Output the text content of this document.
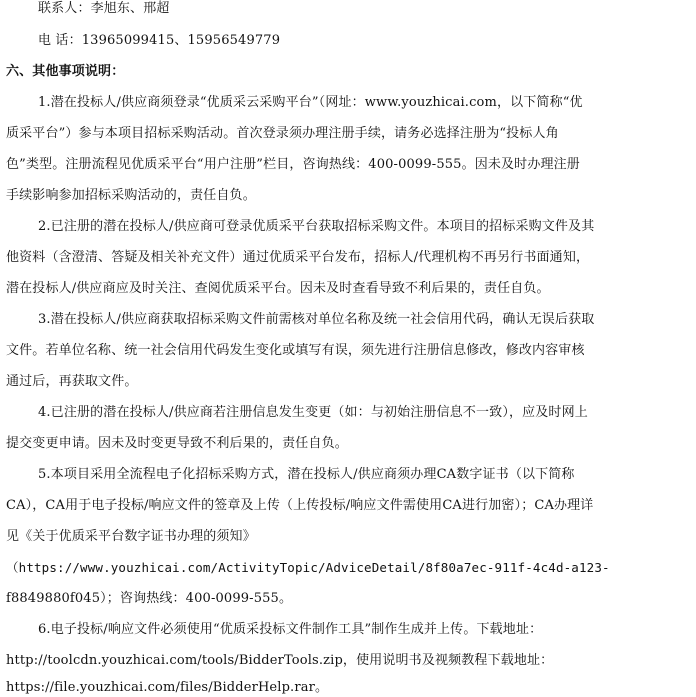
联系人：李旭东、邢超
电 话：13965099415、15956549779
六、其他事项说明：
1.潜在投标人/供应商须登录“优质采云采购平台”（网址：www.youzhicai.com，以下简称“优
质采平台”）参与本项目招标采购活动。首次登录须办理注册手续，请务必选择注册为“投标人角
色”类型。注册流程见优质采平台“用户注册”栏目，咨询热线：400-0099-555。因未及时办理注册
手续影响参加招标采购活动的，责任自负。
2.已注册的潜在投标人/供应商可登录优质采平台获取招标采购文件。本项目的招标采购文件及其
他资料（含澄清、答疑及相关补充文件）通过优质采平台发布，招标人/代理机构不再另行书面通知，
潜在投标人/供应商应及时关注、查阅优质采平台。因未及时查看导致不利后果的，责任自负。
3.潜在投标人/供应商获取招标采购文件前需核对单位名称及统一社会信用代码，确认无误后获取
文件。若单位名称、统一社会信用代码发生变化或填写有误，须先进行注册信息修改，修改内容审核
通过后，再获取文件。
4.已注册的潜在投标人/供应商若注册信息发生变更（如：与初始注册信息不一致），应及时网上
提交变更申请。因未及时变更导致不利后果的，责任自负。
5.本项目采用全流程电子化招标采购方式，潜在投标人/供应商须办理CA数字证书（以下简称
CA），CA用于电子投标/响应文件的签章及上传（上传投标/响应文件需使用CA进行加密）；CA办理详
见《关于优质采平台数字证书办理的须知》
（https://www.youzhicai.com/ActivityTopic/AdviceDetail/8f80a7ec-911f-4c4d-a123-
f8849880f045）；咨询热线：400-0099-555。
6.电子投标/响应文件必须使用“优质采投标文件制作工具”制作生成并上传。下载地址：
http://toolcdn.youzhicai.com/tools/BidderTools.zip，使用说明书及视频教程下载地址：
https://file.youzhicai.com/files/BidderHelp.rar。
